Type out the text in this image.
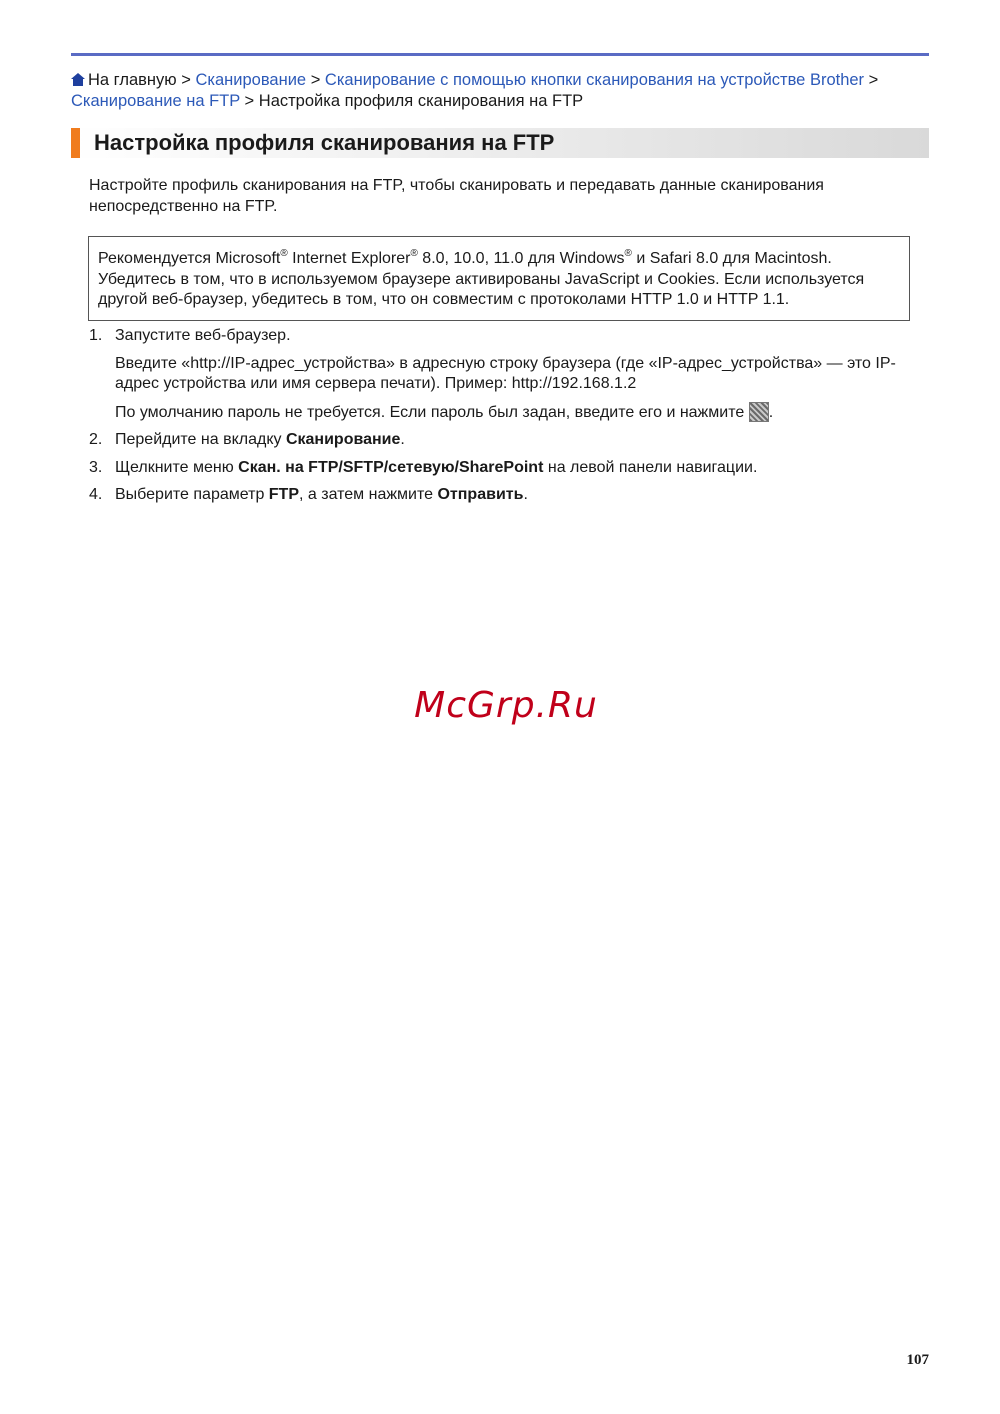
На главную > Сканирование > Сканирование с помощью кнопки сканирования на устройстве Brother > Сканирование на FTP > Настройка профиля сканирования на FTP
Настройка профиля сканирования на FTP
Настройте профиль сканирования на FTP, чтобы сканировать и передавать данные сканирования непосредственно на FTP.
Рекомендуется Microsoft® Internet Explorer® 8.0, 10.0, 11.0 для Windows® и Safari 8.0 для Macintosh. Убедитесь в том, что в используемом браузере активированы JavaScript и Cookies. Если используется другой веб-браузер, убедитесь в том, что он совместим с протоколами HTTP 1.0 и HTTP 1.1.
1. Запустите веб-браузер.

Введите «http://IP-адрес_устройства» в адресную строку браузера (где «IP-адрес_устройства» — это IP-адрес устройства или имя сервера печати). Пример: http://192.168.1.2

По умолчанию пароль не требуется. Если пароль был задан, введите его и нажмите .

2. Перейдите на вкладку Сканирование.

3. Щелкните меню Скан. на FTP/SFTP/сетевую/SharePoint на левой панели навигации.

4. Выберите параметр FTP, а затем нажмите Отправить.

McGrp.Ru
107
